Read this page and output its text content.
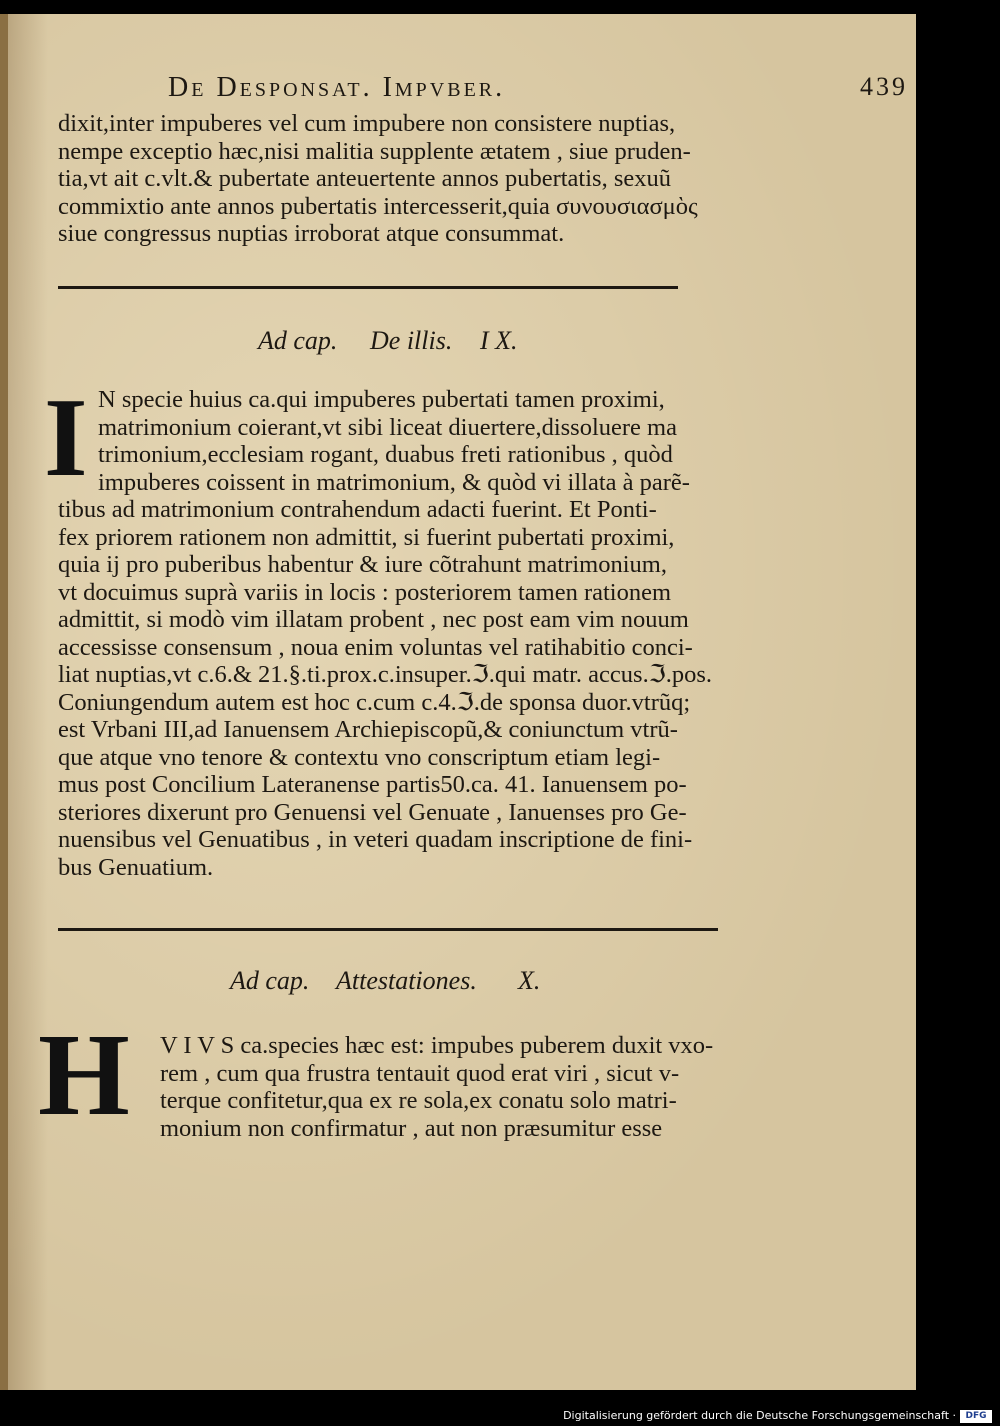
De Desponsat. Impvber.	439
dixit,inter impuberes vel cum impubere non consistere nuptias,
nempe exceptio hæc,nisi malitia supplente ætatem , siue pruden-
tia,vt ait c.vlt.& pubertate anteuertente annos pubertatis, sexuũ
commixtio ante annos pubertatis intercesserit,quia συνουσιασμὸς
siue congressus nuptias irroborat atque consummat.
Ad cap. De illis. I X.
I N specie huius ca.qui impuberes pubertati tamen proximi,
matrimonium coierant,vt sibi liceat diuertere,dissoluere ma
trimonium,ecclesiam rogant, duabus freti rationibus , quòd
impuberes coissent in matrimonium, & quòd vi illata à parẽ-
tibus ad matrimonium contrahendum adacti fuerint. Et Ponti-
fex priorem rationem non admittit, si fuerint pubertati proximi,
quia ij pro puberibus habentur & iure cõtrahunt matrimonium,
vt docuimus suprà variis in locis : posteriorem tamen rationem
admittit, si modò vim illatam probent , nec post eam vim nouum
accessisse consensum , noua enim voluntas vel ratihabitio conci-
liat nuptias,vt c.6.& 21.§.ti.prox.c.insuper.ℑ.qui matr. accus.ℑ.pos.
Coniungendum autem est hoc c.cum c.4.ℑ.de sponsa duor.vtrũq;
est Vrbani III,ad Ianuensem Archiepiscopũ,& coniunctum vtrũ-
que atque vno tenore & contextu vno conscriptum etiam legi-
mus post Concilium Lateranense partis50.ca. 41. Ianuensem po-
steriores dixerunt pro Genuensi vel Genuate , Ianuenses pro Ge-
nuensibus vel Genuatibus , in veteri quadam inscriptione de fini-
bus Genuatium.
Ad cap. Attestationes. X.
H V I V S ca.species hæc est: impubes puberem duxit vxo-
rem , cum qua frustra tentauit quod erat viri , sicut v-
terque confitetur,qua ex re sola,ex conatu solo matri-
monium non confirmatur , aut non præsumitur esse
Digitalisierung gefördert durch die Deutsche Forschungsgemeinschaft ·	DFG
